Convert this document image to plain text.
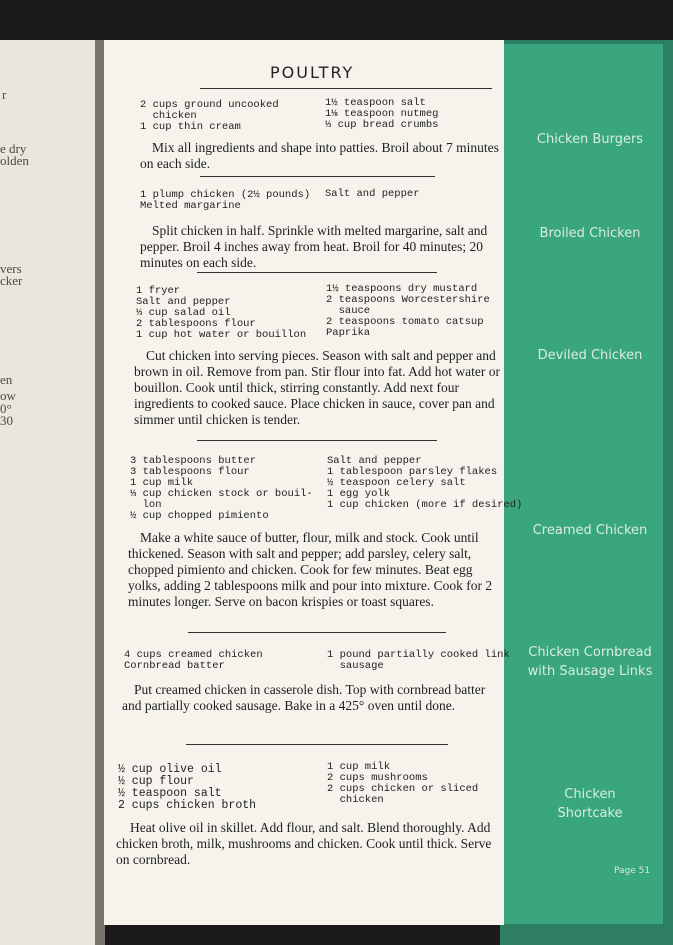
r
e dry
olden
vers
cker
en
ow
0°
30
POULTRY
2 cups ground uncooked
chicken
1 cup thin cream
1½ teaspoon salt
1⅛ teaspoon nutmeg
⅓ cup bread crumbs
Mix all ingredients and shape into patties. Broil about 7 minutes on each side.
Chicken Burgers
1 plump chicken (2½ pounds)
Melted margarine
Salt and pepper
Split chicken in half. Sprinkle with melted margarine, salt and pepper. Broil 4 inches away from heat. Broil for 40 minutes; 20 minutes on each side.
Broiled Chicken
1 fryer
Salt and pepper
⅓ cup salad oil
2 tablespoons flour
1 cup hot water or bouillon
1½ teaspoons dry mustard
2 teaspoons Worcestershire
sauce
2 teaspoons tomato catsup
Paprika
Cut chicken into serving pieces. Season with salt and pepper and brown in oil. Remove from pan. Stir flour into fat. Add hot water or bouillon. Cook until thick, stirring constantly. Add next four ingredients to cooked sauce. Place chicken in sauce, cover pan and simmer until chicken is tender.
Deviled Chicken
3 tablespoons butter
3 tablespoons flour
1 cup milk
⅓ cup chicken stock or bouil-
lon
½ cup chopped pimiento
Salt and pepper
1 tablespoon parsley flakes
½ teaspoon celery salt
1 egg yolk
1 cup chicken (more if desired)
Make a white sauce of butter, flour, milk and stock. Cook until thickened. Season with salt and pepper; add parsley, celery salt, chopped pimiento and chicken. Cook for few minutes. Beat egg yolks, adding 2 tablespoons milk and pour into mixture. Cook for 2 minutes longer. Serve on bacon krispies or toast squares.
Creamed Chicken
4 cups creamed chicken
Cornbread batter
1 pound partially cooked link
sausage
Put creamed chicken in casserole dish. Top with cornbread batter and partially cooked sausage. Bake in a 425° oven until done.
Chicken Cornbread with Sausage Links
½ cup olive oil
½ cup flour
½ teaspoon salt
2 cups chicken broth
1 cup milk
2 cups mushrooms
2 cups chicken or sliced
chicken
Heat olive oil in skillet. Add flour, and salt. Blend thoroughly. Add chicken broth, milk, mushrooms and chicken. Cook until thick. Serve on cornbread.
Chicken Shortcake
Page 51
